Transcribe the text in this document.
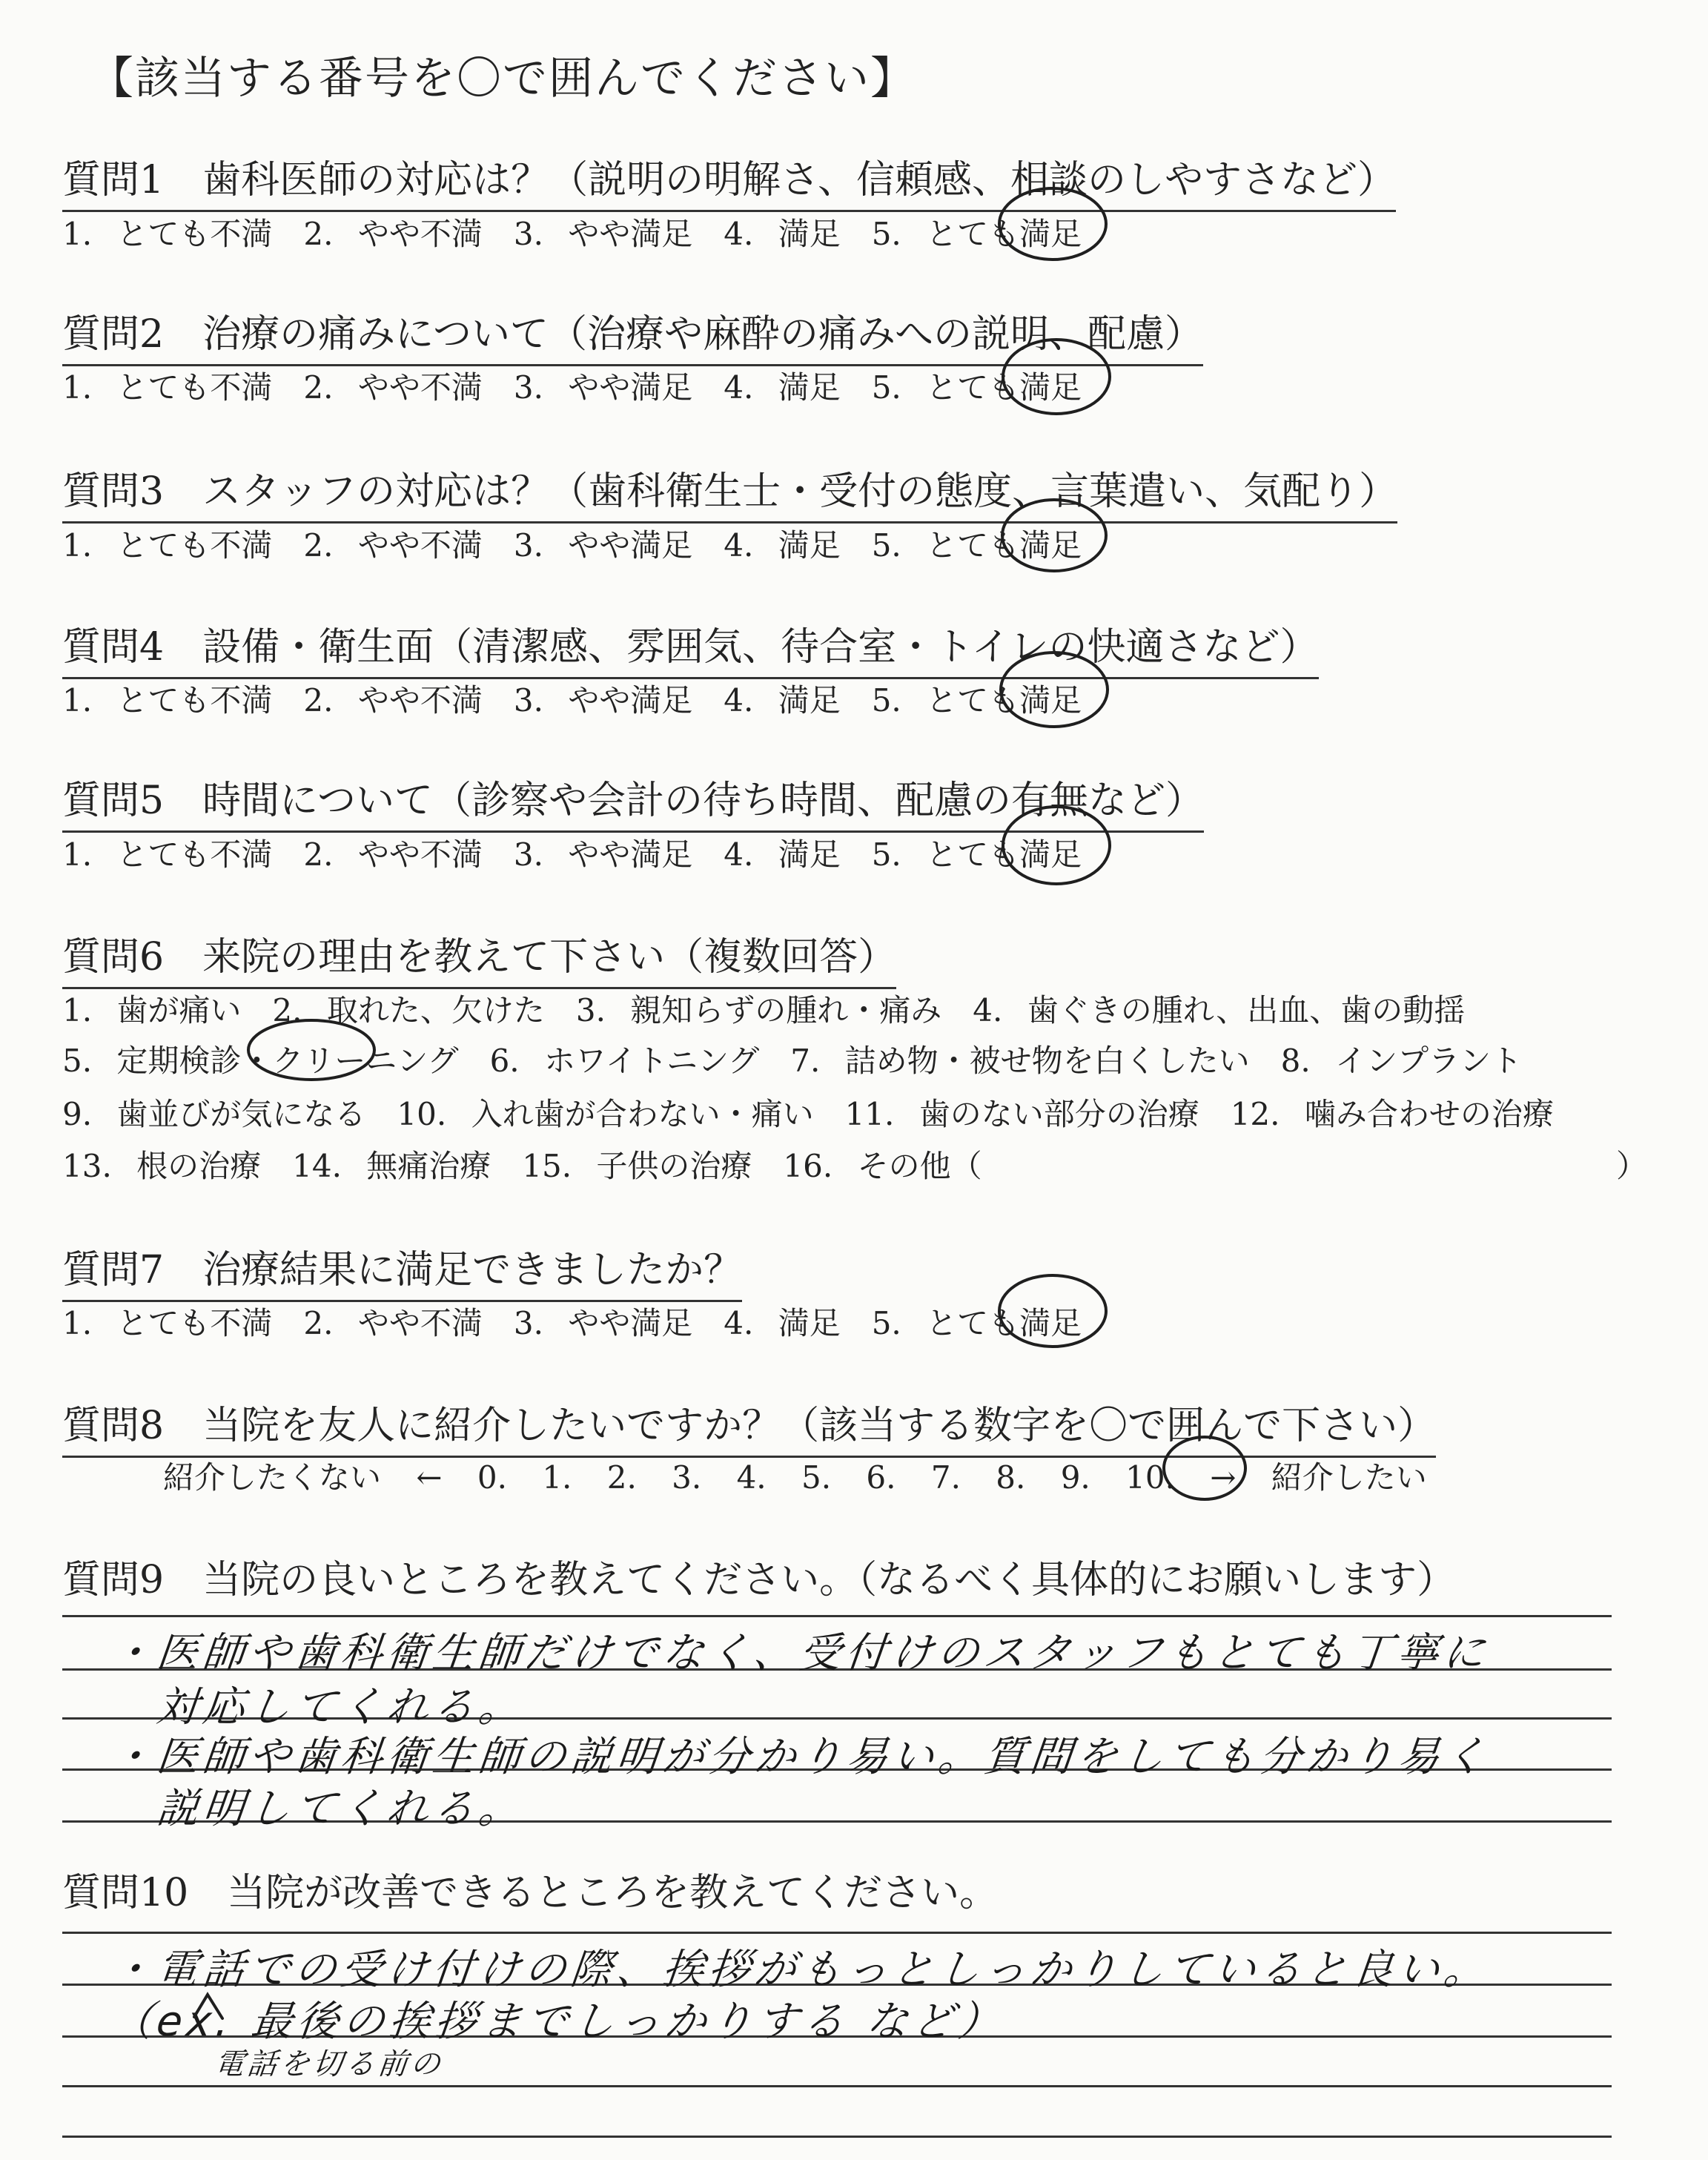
【該当する番号を〇で囲んでください】
質問1　歯科医師の対応は？（説明の明解さ、信頼感、相談のしやすさなど）
1. とても不満　2. やや不満　3. やや満足　4. 満足　5. とても満足
質問2　治療の痛みについて（治療や麻酔の痛みへの説明、配慮）
1. とても不満　2. やや不満　3. やや満足　4. 満足　5. とても満足
質問3　スタッフの対応は？（歯科衛生士・受付の態度、言葉遣い、気配り）
1. とても不満　2. やや不満　3. やや満足　4. 満足　5. とても満足
質問4　設備・衛生面（清潔感、雰囲気、待合室・トイレの快適さなど）
1. とても不満　2. やや不満　3. やや満足　4. 満足　5. とても満足
質問5　時間について（診察や会計の待ち時間、配慮の有無など）
1. とても不満　2. やや不満　3. やや満足　4. 満足　5. とても満足
質問6　来院の理由を教えて下さい（複数回答）
1. 歯が痛い　2. 取れた、欠けた　3. 親知らずの腫れ・痛み　4. 歯ぐきの腫れ、出血、歯の動揺
5. 定期検診・クリーニング　6. ホワイトニング　7. 詰め物・被せ物を白くしたい　8. インプラント
9. 歯並びが気になる　10. 入れ歯が合わない・痛い　11. 歯のない部分の治療　12. 噛み合わせの治療
13. 根の治療　14. 無痛治療　15. 子供の治療　16. その他（	）
質問7　治療結果に満足できましたか？
1. とても不満　2. やや不満　3. やや満足　4. 満足　5. とても満足
質問8　当院を友人に紹介したいですか？（該当する数字を〇で囲んで下さい）
紹介したくない ← 0. 1. 2. 3. 4. 5. 6. 7. 8. 9. 10. → 紹介したい
質問9　当院の良いところを教えてください。（なるべく具体的にお願いします）
・医師や歯科衛生師だけでなく、受付けのスタッフもとても丁寧に
　対応してくれる。
・医師や歯科衛生師の説明が分かり易い。質問をしても分かり易く
　説明してくれる。
質問10　当院が改善できるところを教えてください。
・電話での受け付けの際、挨拶がもっとしっかりしていると良い。
（ex. 最後の挨拶までしっかりする など）
電話を切る前の
